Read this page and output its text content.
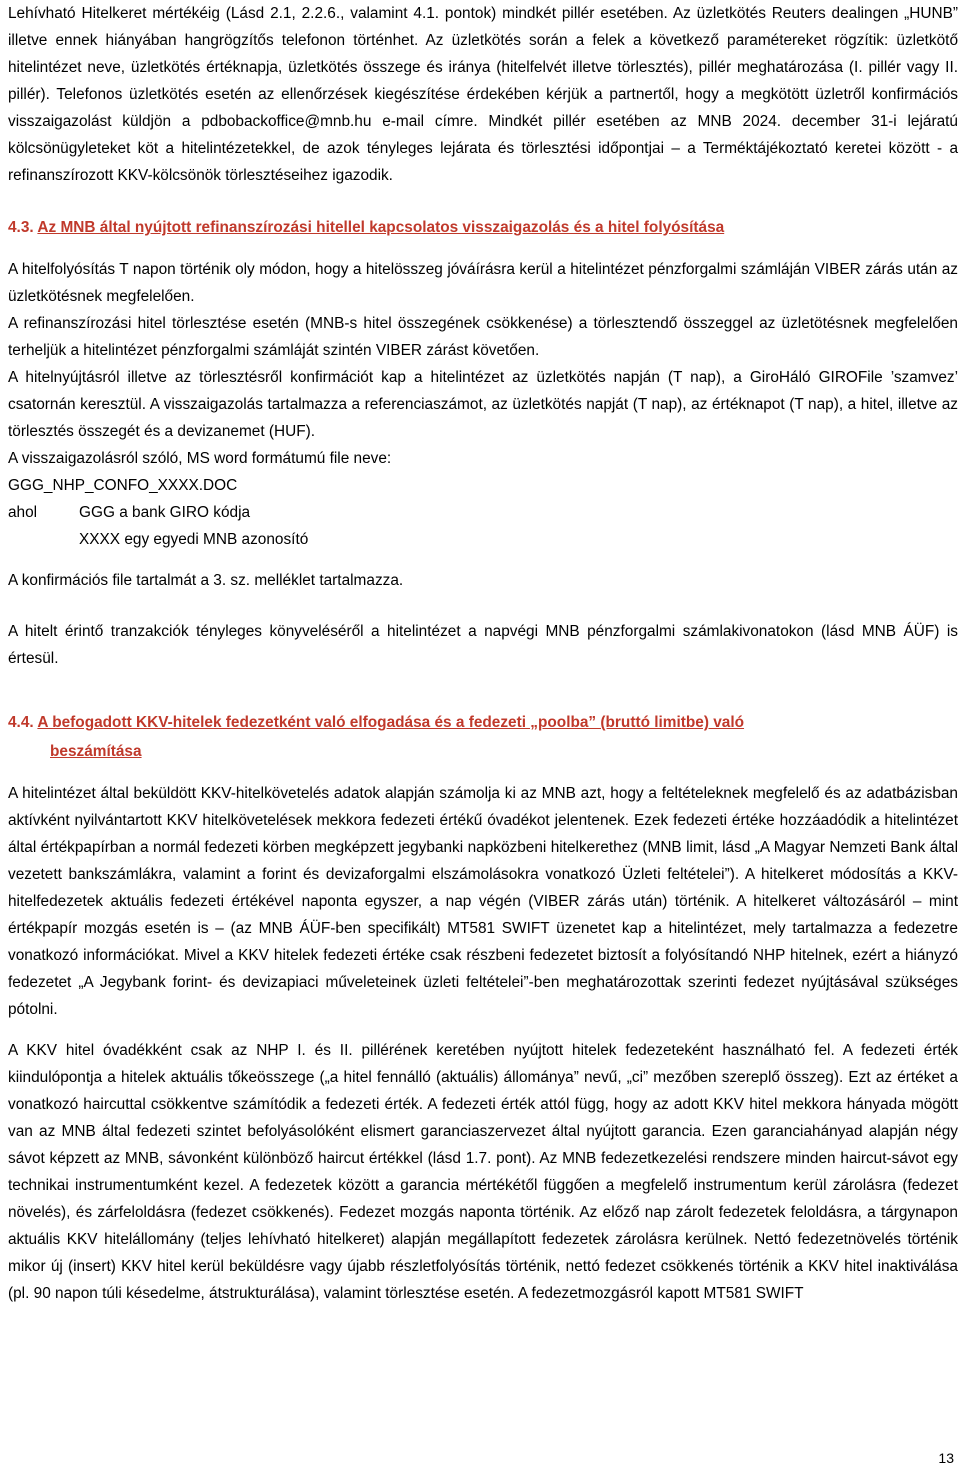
Lehívható Hitelkeret mértékéig (Lásd 2.1, 2.2.6., valamint 4.1. pontok) mindkét pillér esetében. Az üzletkötés Reuters dealingen „HUNB” illetve ennek hiányában hangrögzítős telefonon történhet. Az üzletkötés során a felek a következő paramétereket rögzítik: üzletkötő hitelintézet neve, üzletkötés értéknapja, üzletkötés összege és iránya (hitelfelvét illetve törlesztés), pillér meghatározása (I. pillér vagy II. pillér). Telefonos üzletkötés esetén az ellenőrzések kiegészítése érdekében kérjük a partnertől, hogy a megkötött üzletről konfirmációs visszaigazolást küldjön a pdbobackoffice@mnb.hu e-mail címre. Mindkét pillér esetében az MNB 2024. december 31-i lejáratú kölcsönügyleteket köt a hitelintézetekkel, de azok tényleges lejárata és törlesztési időpontjai – a Terméktájékoztató keretei között - a refinanszírozott KKV-kölcsönök törlesztéseihez igazodik.

4.3. Az MNB által nyújtott refinanszírozási hitellel kapcsolatos visszaigazolás és a hitel folyósítása

A hitelfolyósítás T napon történik oly módon, hogy a hitelösszeg jóváírásra kerül a hitelintézet pénzforgalmi számláján VIBER zárás után az üzletkötésnek megfelelően.

A refinanszírozási hitel törlesztése esetén (MNB-s hitel összegének csökkenése) a törlesztendő összeggel az üzletötésnek megfelelően terheljük a hitelintézet pénzforgalmi számláját szintén VIBER zárást követően.

A hitelnyújtásról illetve az törlesztésről konfirmációt kap a hitelintézet az üzletkötés napján (T nap), a GiroHáló GIROFile ’szamvez’ csatornán keresztül. A visszaigazolás tartalmazza a referenciaszámot, az üzletkötés napját (T nap), az értéknapot (T nap), a hitel, illetve az törlesztés összegét és a devizanemet (HUF).

A visszaigazolásról szóló, MS word formátumú file neve:

GGG_NHP_CONFO_XXXX.DOC

ahol	GGG a bank GIRO kódja

XXXX egy egyedi MNB azonosító

A konfirmációs file tartalmát a 3. sz. melléklet tartalmazza.

A hitelt érintő tranzakciók tényleges könyveléséről a hitelintézet a napvégi MNB pénzforgalmi számlakivonatokon (lásd MNB ÁÜF) is értesül.

4.4. A befogadott KKV-hitelek fedezetként való elfogadása és a fedezeti „poolba” (bruttó limitbe) való
beszámítása

A hitelintézet által beküldött KKV-hitelkövetelés adatok alapján számolja ki az MNB azt, hogy a feltételeknek megfelelő és az adatbázisban aktívként nyilvántartott KKV hitelkövetelések mekkora fedezeti értékű óvadékot jelentenek. Ezek fedezeti értéke hozzáadódik a hitelintézet által értékpapírban a normál fedezeti körben megképzett jegybanki napközbeni hitelkerethez (MNB limit, lásd „A Magyar Nemzeti Bank által vezetett bankszámlákra, valamint a forint és devizaforgalmi elszámolásokra vonatkozó Üzleti feltételei”). A hitelkeret módosítás a KKV-hitelfedezetek aktuális fedezeti értékével naponta egyszer, a nap végén (VIBER zárás után) történik. A hitelkeret változásáról – mint értékpapír mozgás esetén is – (az MNB ÁÜF-ben specifikált) MT581 SWIFT üzenetet kap a hitelintézet, mely tartalmazza a fedezetre vonatkozó információkat. Mivel a KKV hitelek fedezeti értéke csak részbeni fedezetet biztosít a folyósítandó NHP hitelnek, ezért a hiányzó fedezetet „A Jegybank forint- és devizapiaci műveleteinek üzleti feltételei”-ben meghatározottak szerinti fedezet nyújtásával szükséges pótolni.

A KKV hitel óvadékként csak az NHP I. és II. pillérének keretében nyújtott hitelek fedezeteként használható fel. A fedezeti érték kiindulópontja a hitelek aktuális tőkeösszege („a hitel fennálló (aktuális) állománya” nevű, „ci” mezőben szereplő összeg). Ezt az értéket a vonatkozó haircuttal csökkentve számítódik a fedezeti érték. A fedezeti érték attól függ, hogy az adott KKV hitel mekkora hányada mögött van az MNB által fedezeti szintet befolyásolóként elismert garanciaszervezet által nyújtott garancia. Ezen garanciahányad alapján négy sávot képzett az MNB, sávonként különböző haircut értékkel (lásd 1.7. pont). Az MNB fedezetkezelési rendszere minden haircut-sávot egy technikai instrumentumként kezel. A fedezetek között a garancia mértékétől függően a megfelelő instrumentum kerül zárolásra (fedezet növelés), és zárfeloldásra (fedezet csökkenés). Fedezet mozgás naponta történik. Az előző nap zárolt fedezetek feloldásra, a tárgynapon aktuális KKV hitelállomány (teljes lehívható hitelkeret) alapján megállapított fedezetek zárolásra kerülnek. Nettó fedezetnövelés történik mikor új (insert) KKV hitel kerül beküldésre vagy újabb részletfolyósítás történik, nettó fedezet csökkenés történik a KKV hitel inaktiválása (pl. 90 napon túli késedelme, átstrukturálása), valamint törlesztése esetén. A fedezetmozgásról kapott MT581 SWIFT

13
